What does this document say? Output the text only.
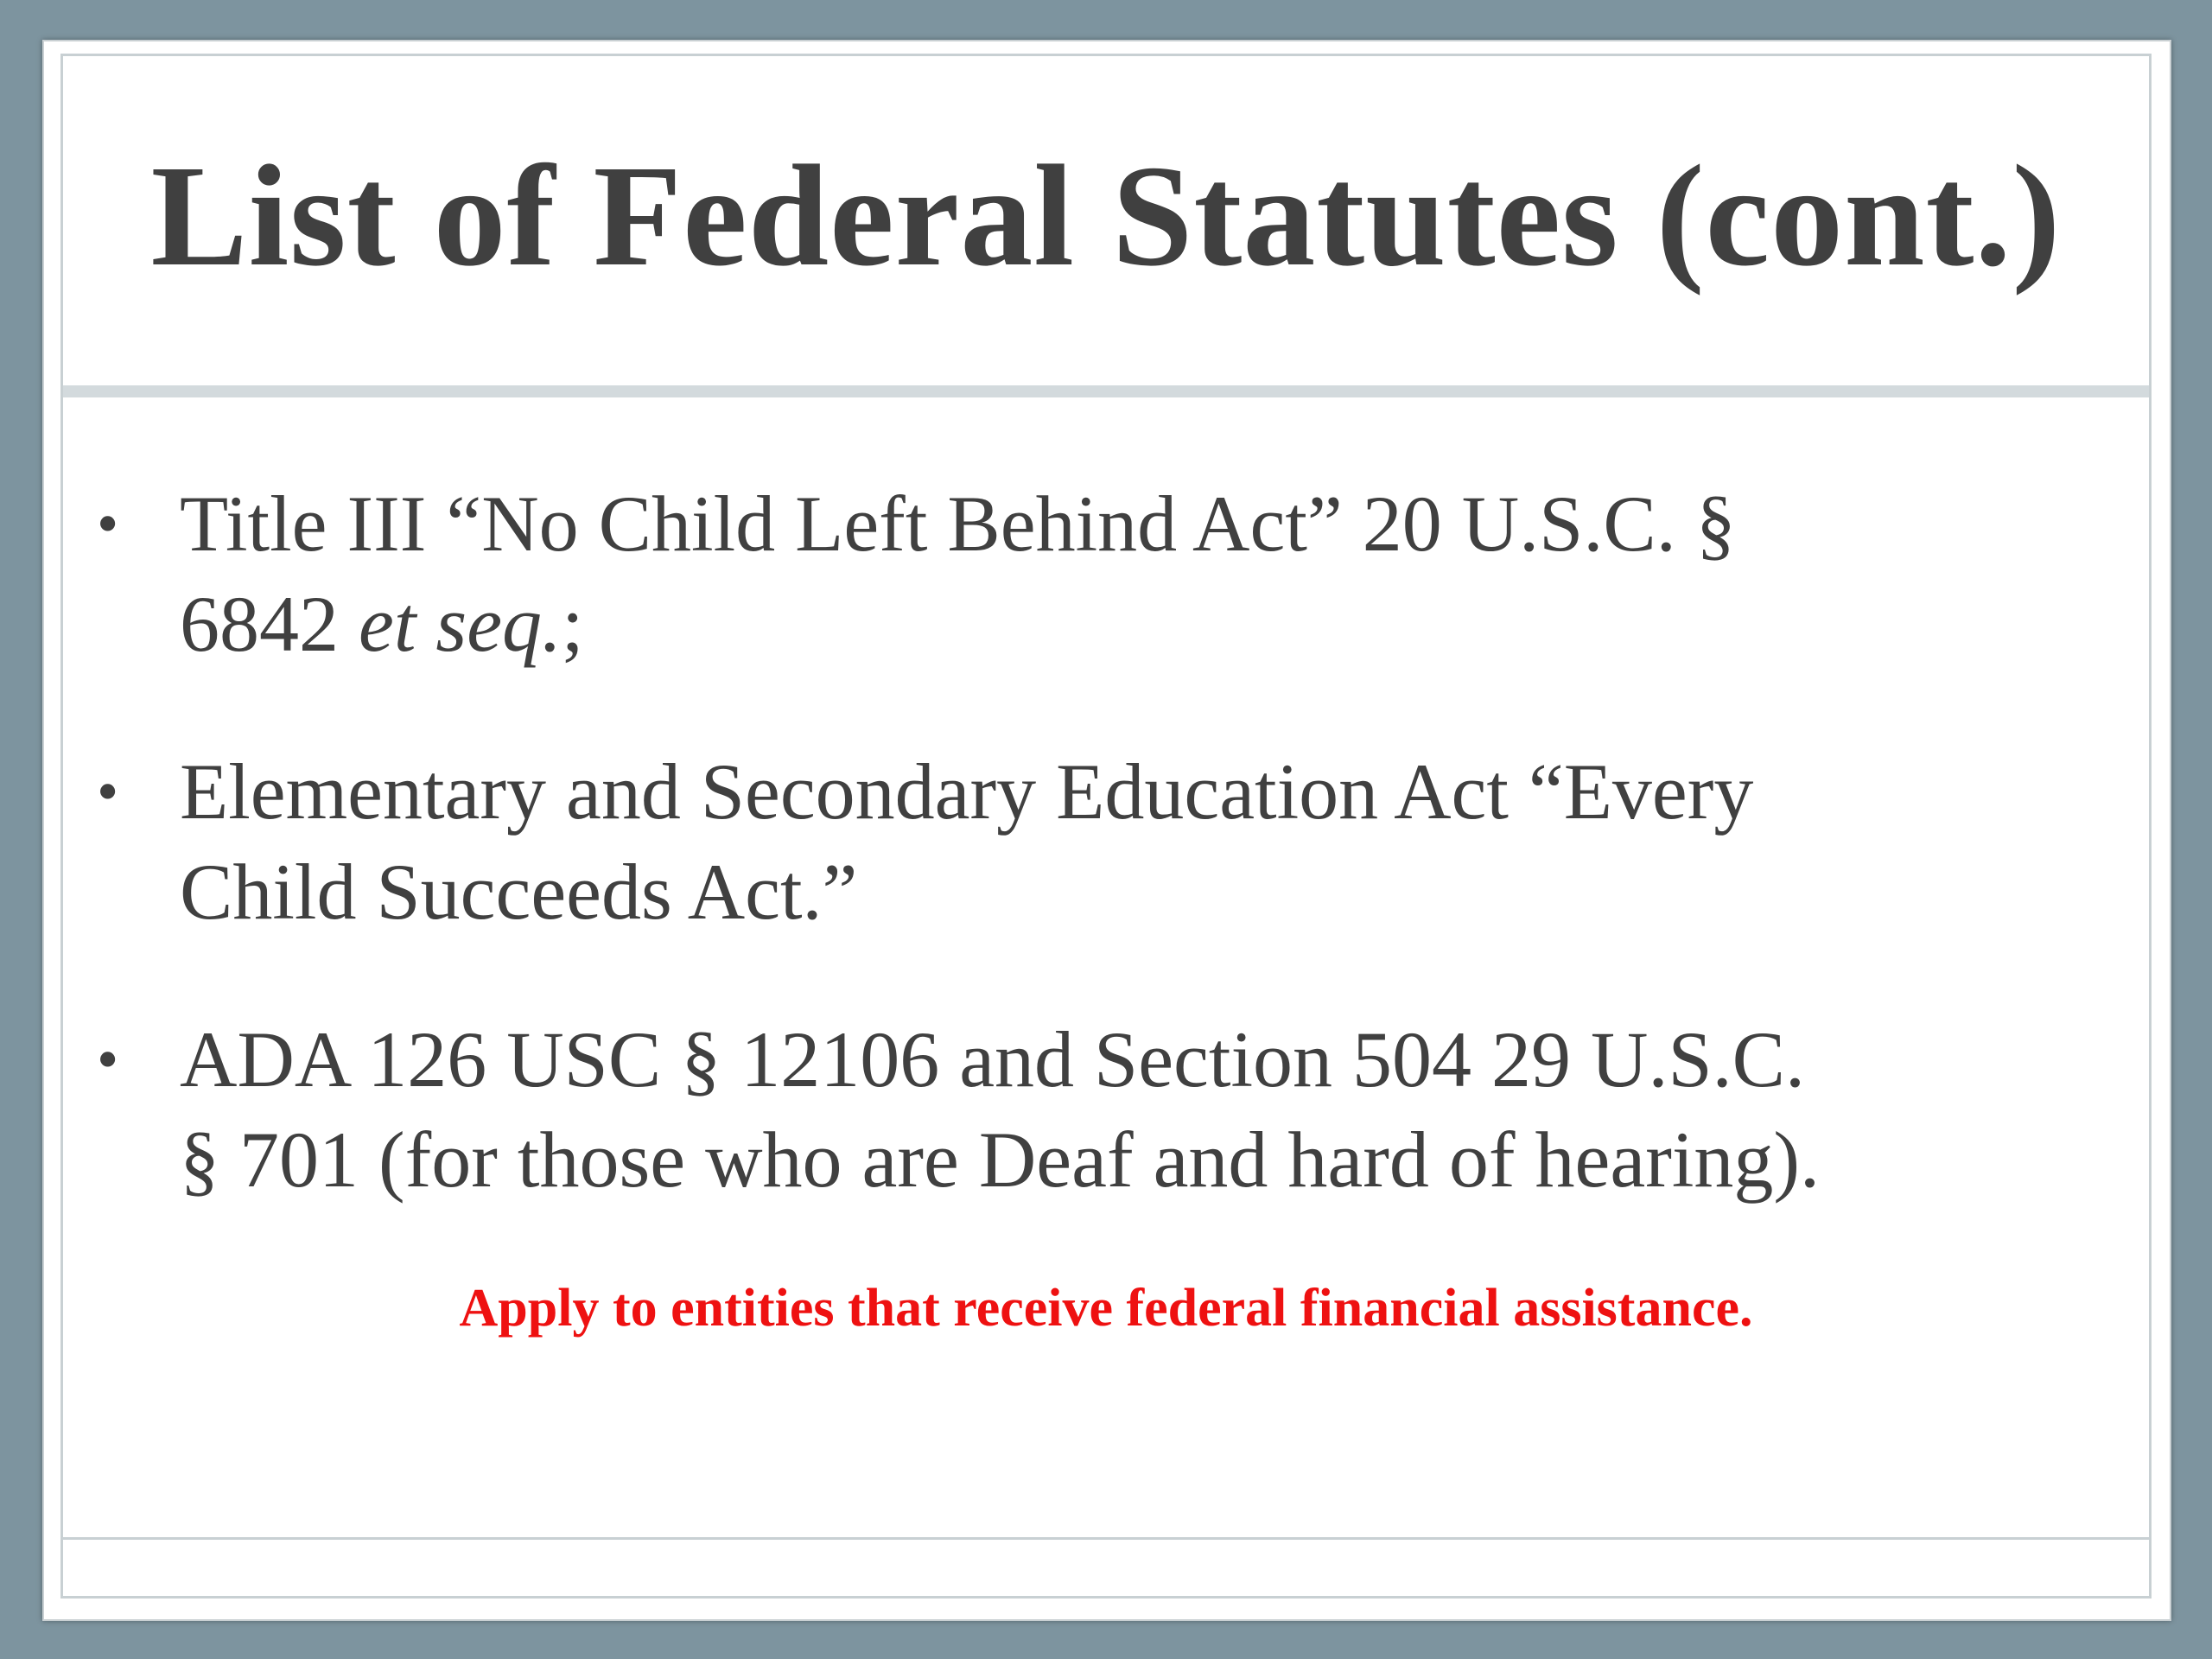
List of Federal Statutes (cont.)
• Title III “No Child Left Behind Act” 20 U.S.C. §
6842 et seq.;
• Elementary and Secondary Education Act “Every
Child Succeeds Act.”
• ADA 126 USC § 12106 and Section 504 29 U.S.C.
§ 701 (for those who are Deaf and hard of hearing).
Apply to entities that receive federal financial assistance.
